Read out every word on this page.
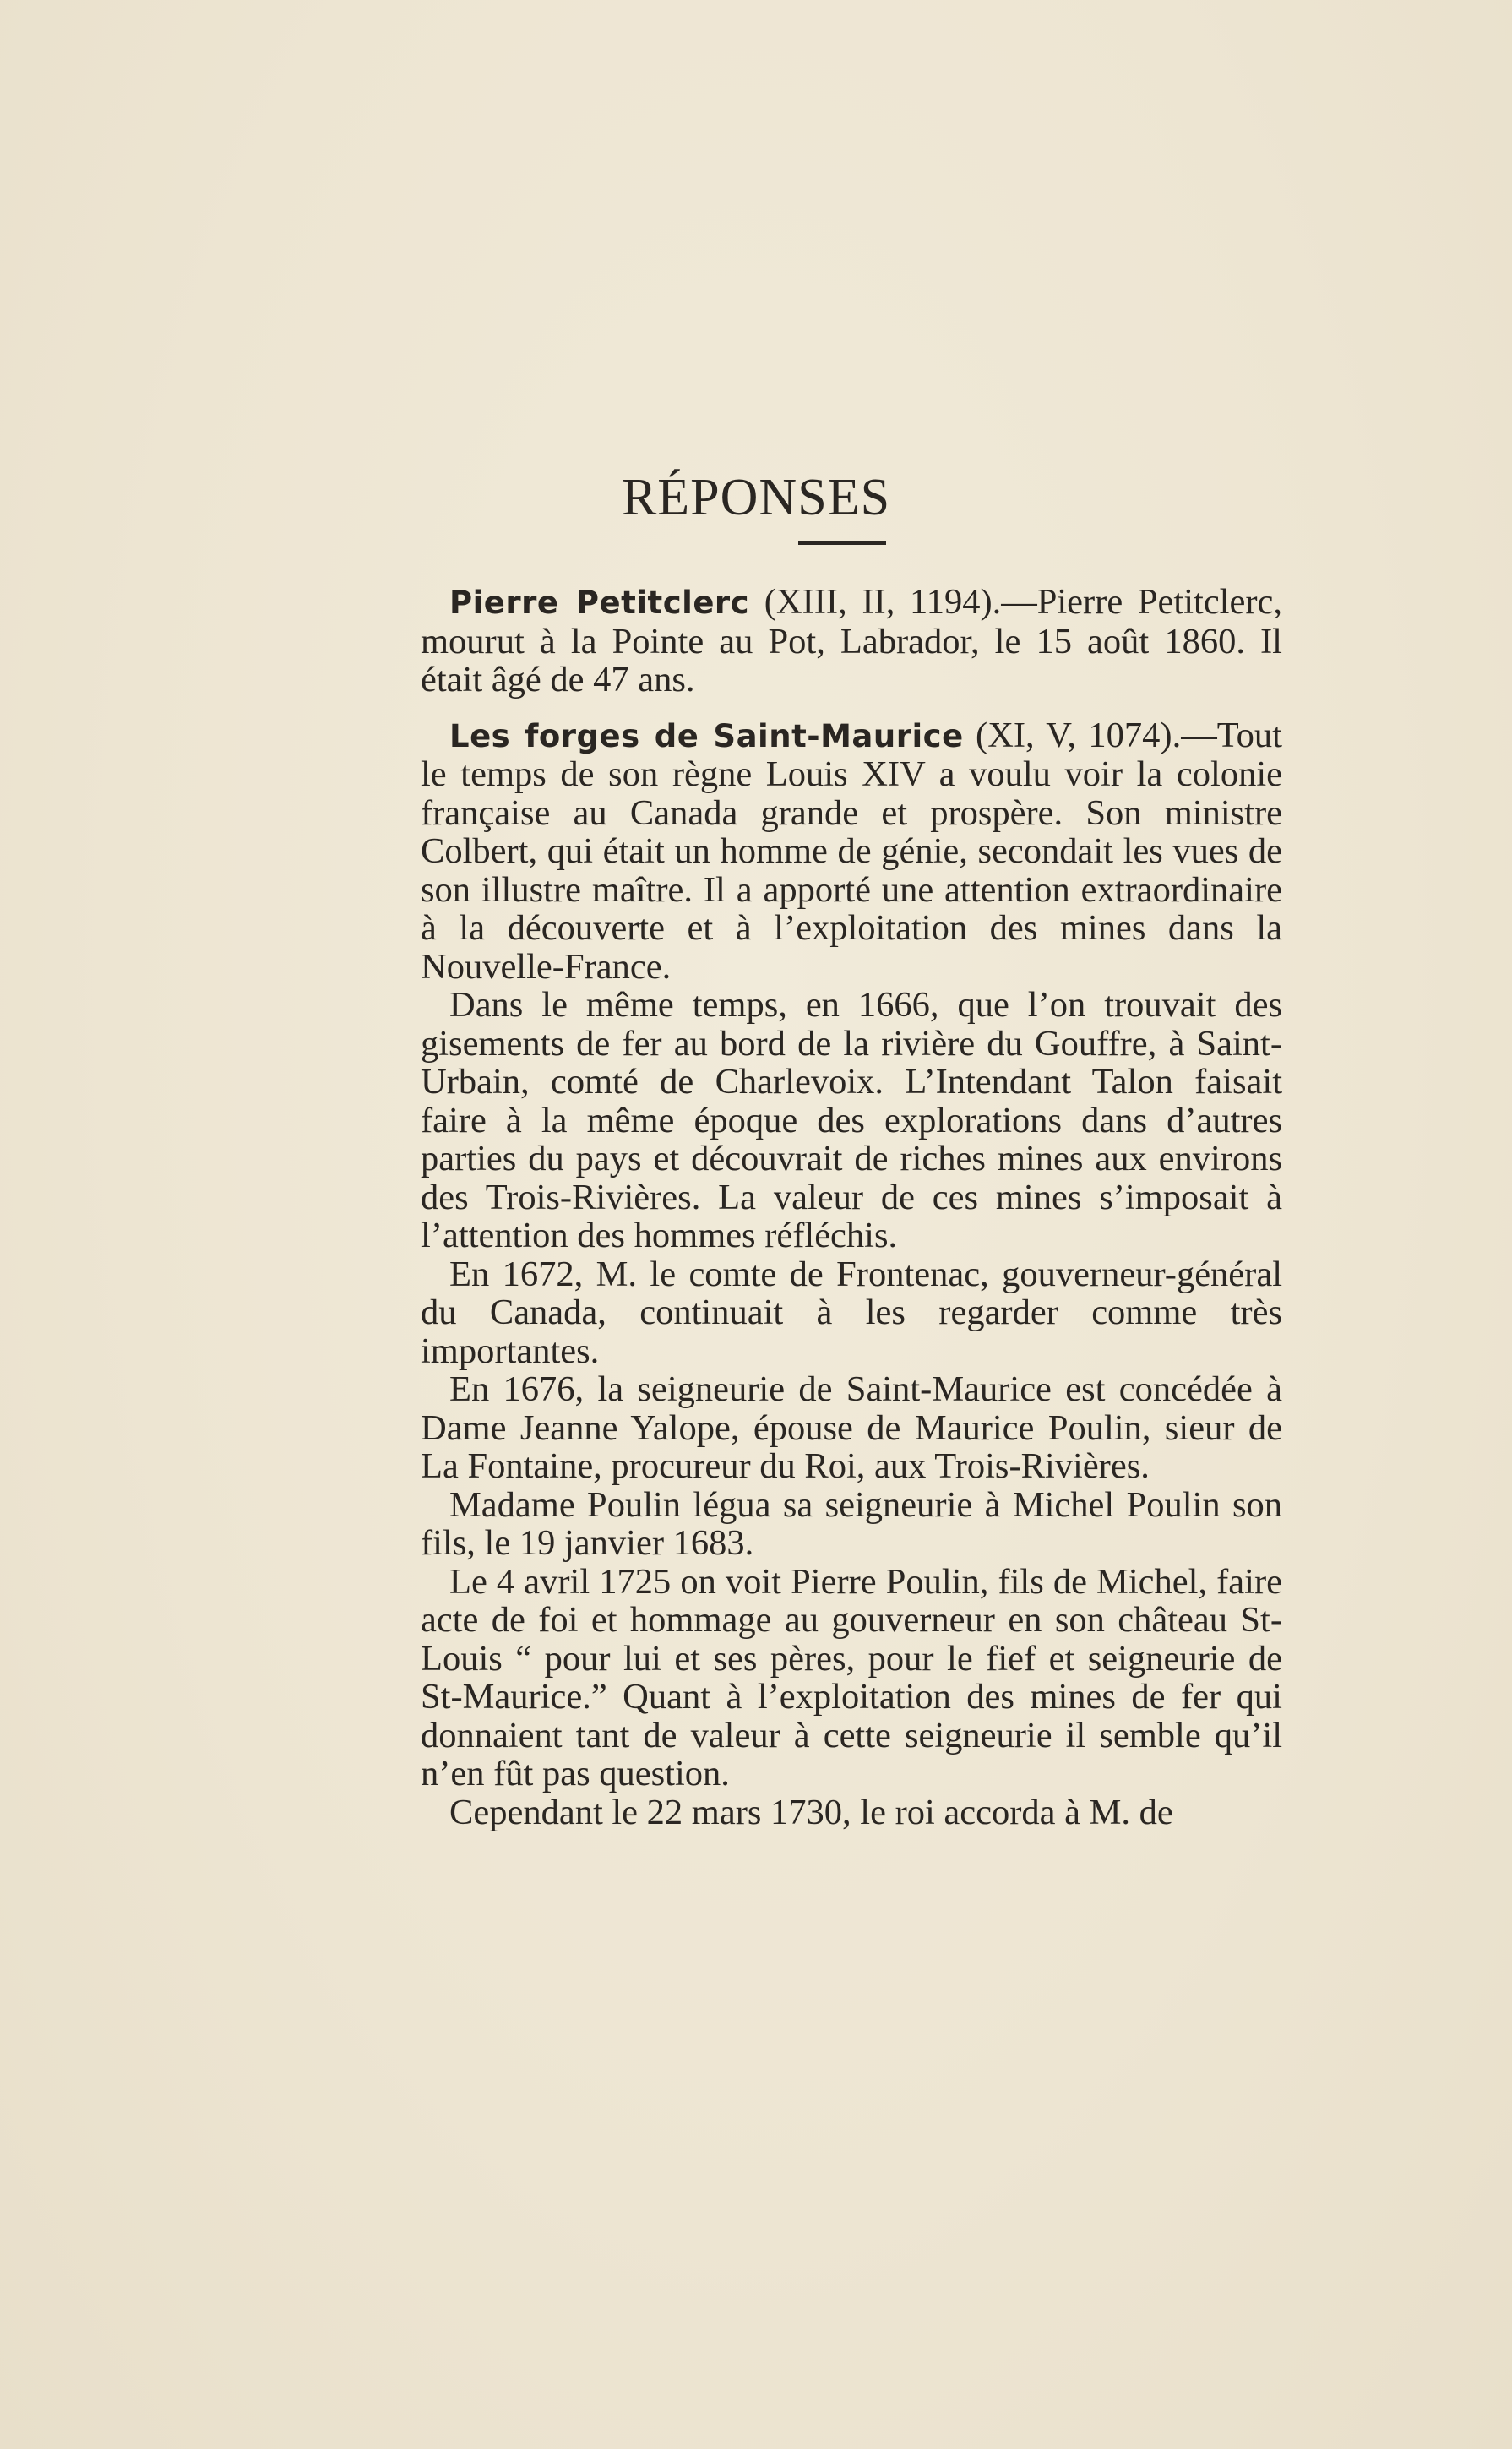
RÉPONSES

Pierre Petitclerc (XIII, II, 1194).—Pierre Petitclerc, mourut à la Pointe au Pot, Labrador, le 15 août 1860. Il était âgé de 47 ans.

Les forges de Saint-Maurice (XI, V, 1074).—Tout le temps de son règne Louis XIV a voulu voir la colonie française au Canada grande et prospère. Son ministre Colbert, qui était un homme de génie, secondait les vues de son illustre maître. Il a apporté une attention extraordinaire à la découverte et à l’exploitation des mines dans la Nouvelle-France.

Dans le même temps, en 1666, que l’on trouvait des gisements de fer au bord de la rivière du Gouffre, à Saint-Urbain, comté de Charlevoix. L’Intendant Talon faisait faire à la même époque des explorations dans d’autres parties du pays et découvrait de riches mines aux environs des Trois-Rivières. La valeur de ces mines s’imposait à l’attention des hommes réfléchis.

En 1672, M. le comte de Frontenac, gouverneur-général du Canada, continuait à les regarder comme très importantes.

En 1676, la seigneurie de Saint-Maurice est concédée à Dame Jeanne Yalope, épouse de Maurice Poulin, sieur de La Fontaine, procureur du Roi, aux Trois-Rivières.

Madame Poulin légua sa seigneurie à Michel Poulin son fils, le 19 janvier 1683.

Le 4 avril 1725 on voit Pierre Poulin, fils de Michel, faire acte de foi et hommage au gouverneur en son château St-Louis “ pour lui et ses pères, pour le fief et seigneurie de St-Maurice.” Quant à l’exploitation des mines de fer qui donnaient tant de valeur à cette seigneurie il semble qu’il n’en fût pas question.

Cependant le 22 mars 1730, le roi accorda à M. de
